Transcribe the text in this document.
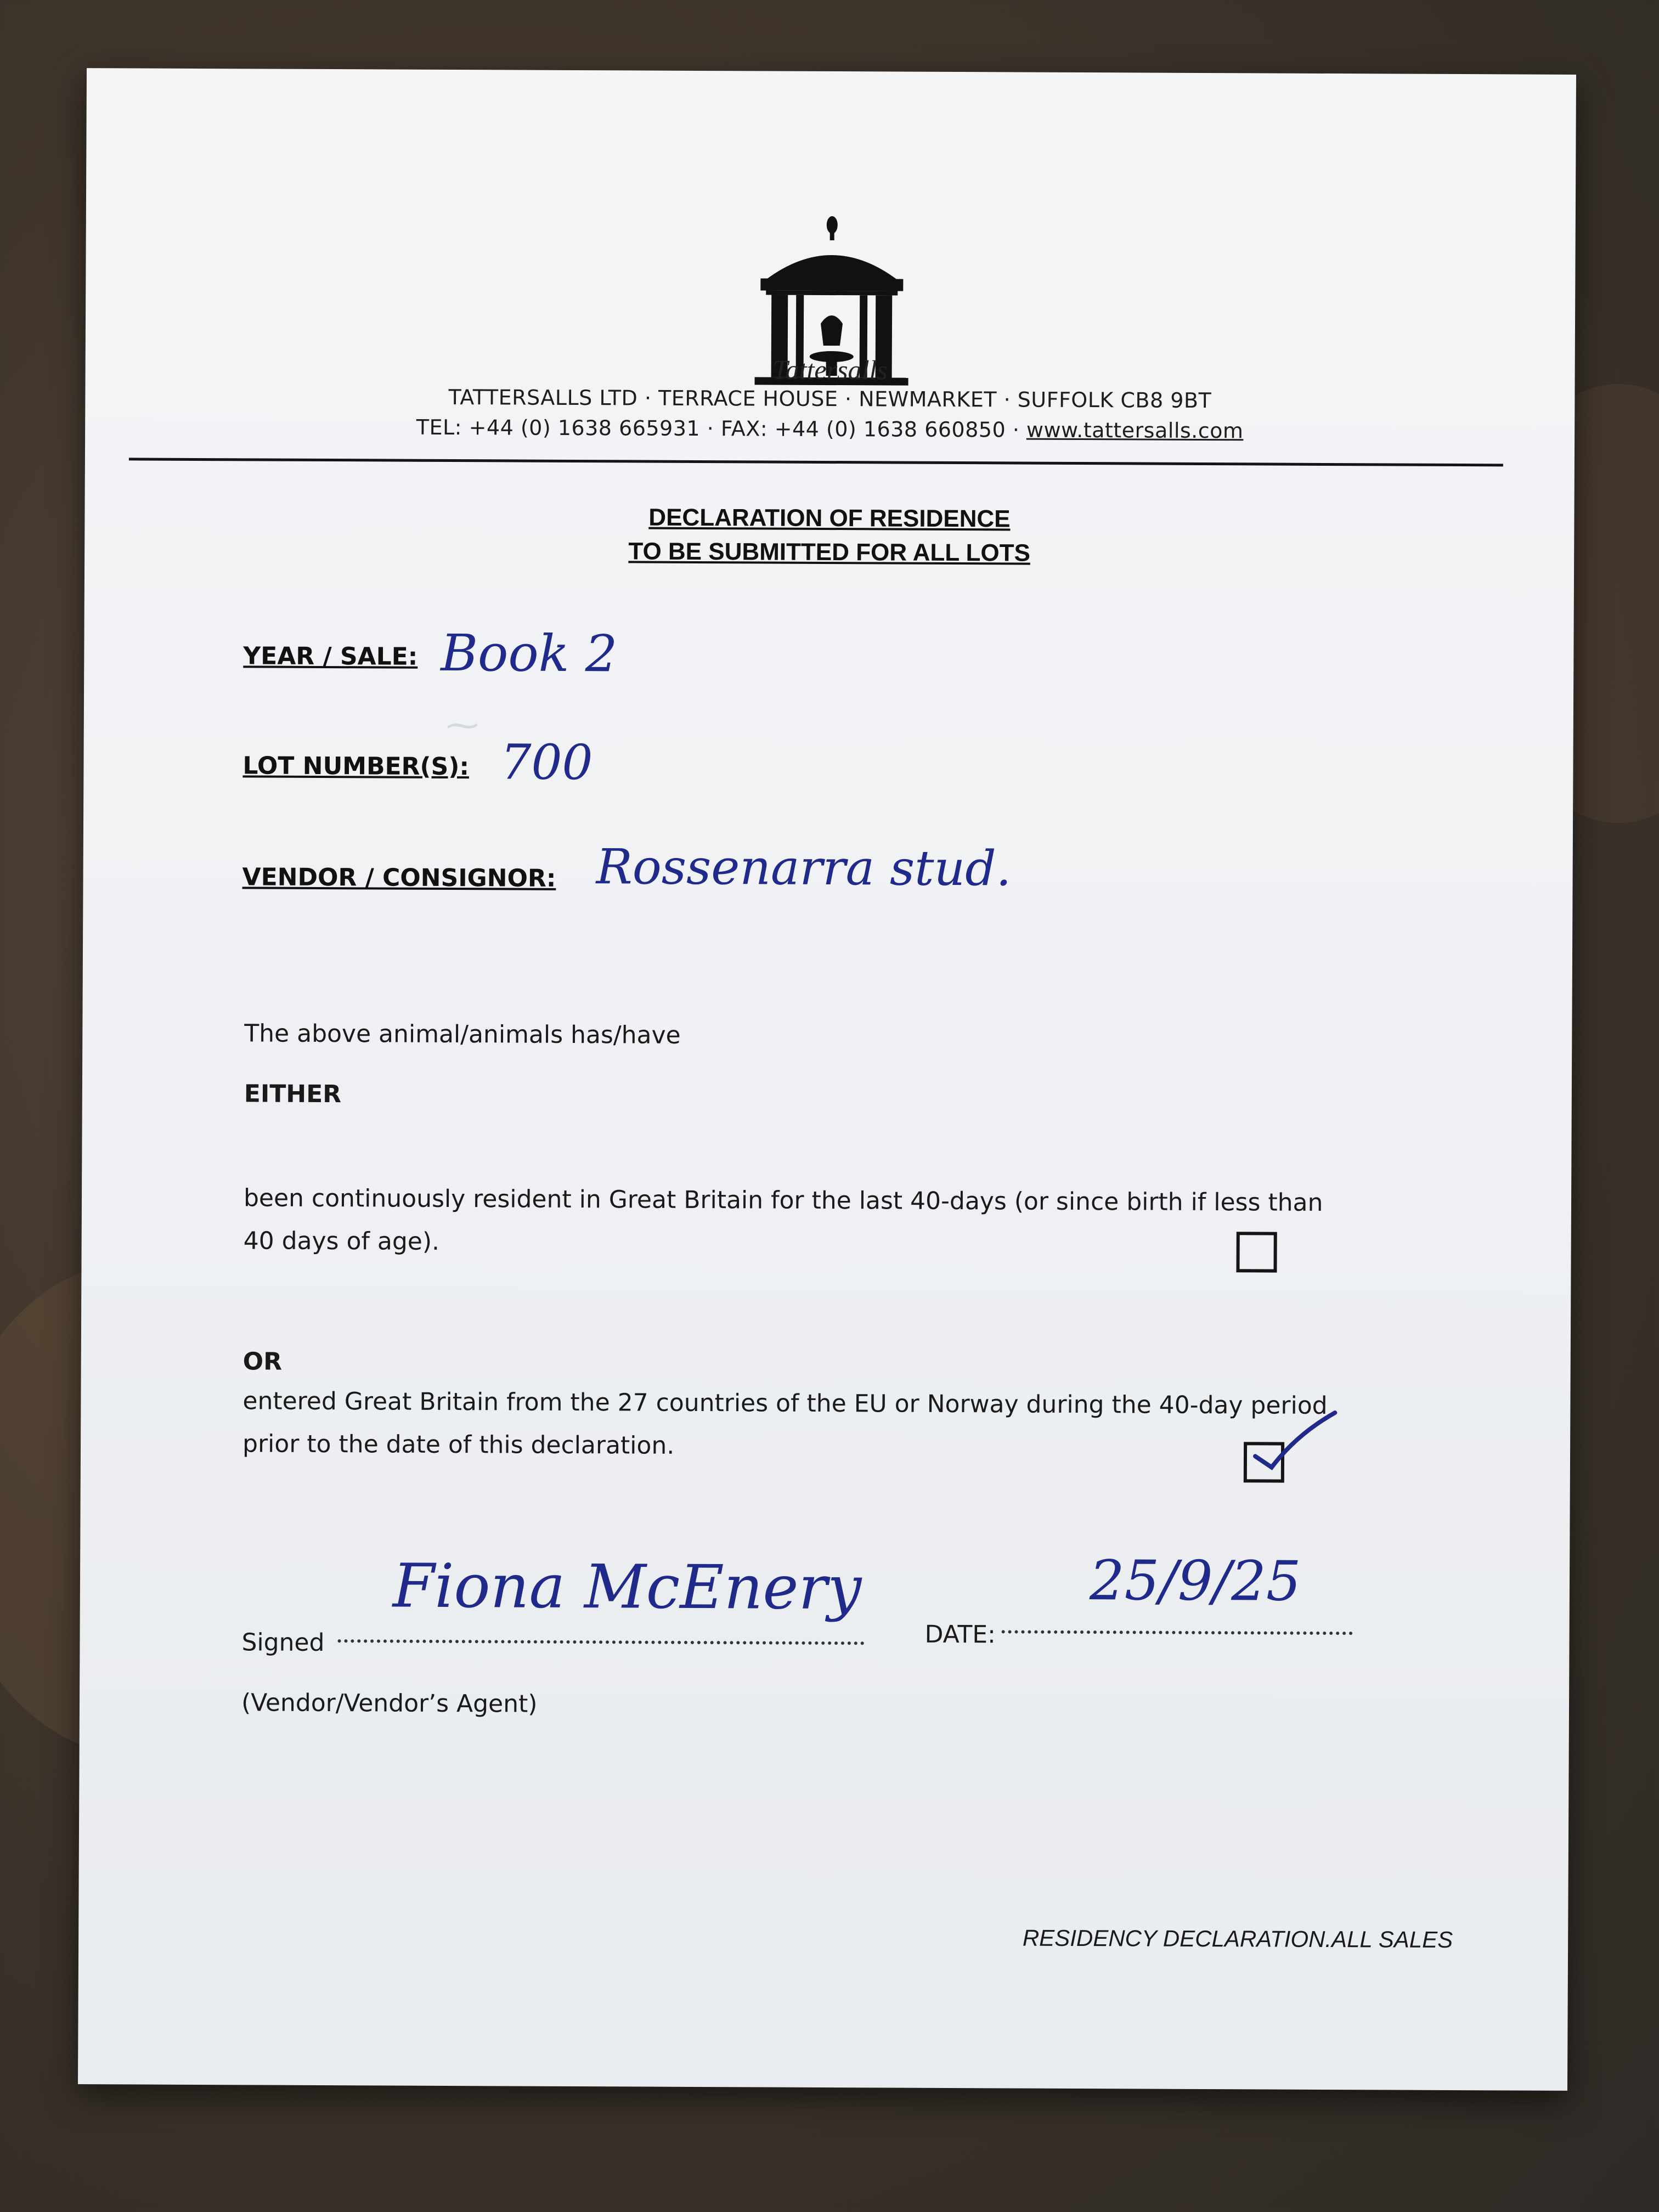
Tattersalls
TATTERSALLS LTD · TERRACE HOUSE · NEWMARKET · SUFFOLK CB8 9BT
TEL: +44 (0) 1638 665931 · FAX: +44 (0) 1638 660850 · www.tattersalls.com
DECLARATION OF RESIDENCE
TO BE SUBMITTED FOR ALL LOTS
YEAR / SALE: Book 2
⁓
LOT NUMBER(S): 700
VENDOR / CONSIGNOR: Rossenarra stud.
The above animal/animals has/have
EITHER
been continuously resident in Great Britain for the last 40-days (or since birth if less than 40 days of age).
OR
entered Great Britain from the 27 countries of the EU or Norway during the 40-day period prior to the date of this declaration.
Signed
Fiona McEnery
DATE:
25/9/25
(Vendor/Vendor’s Agent)
RESIDENCY DECLARATION.ALL SALES
